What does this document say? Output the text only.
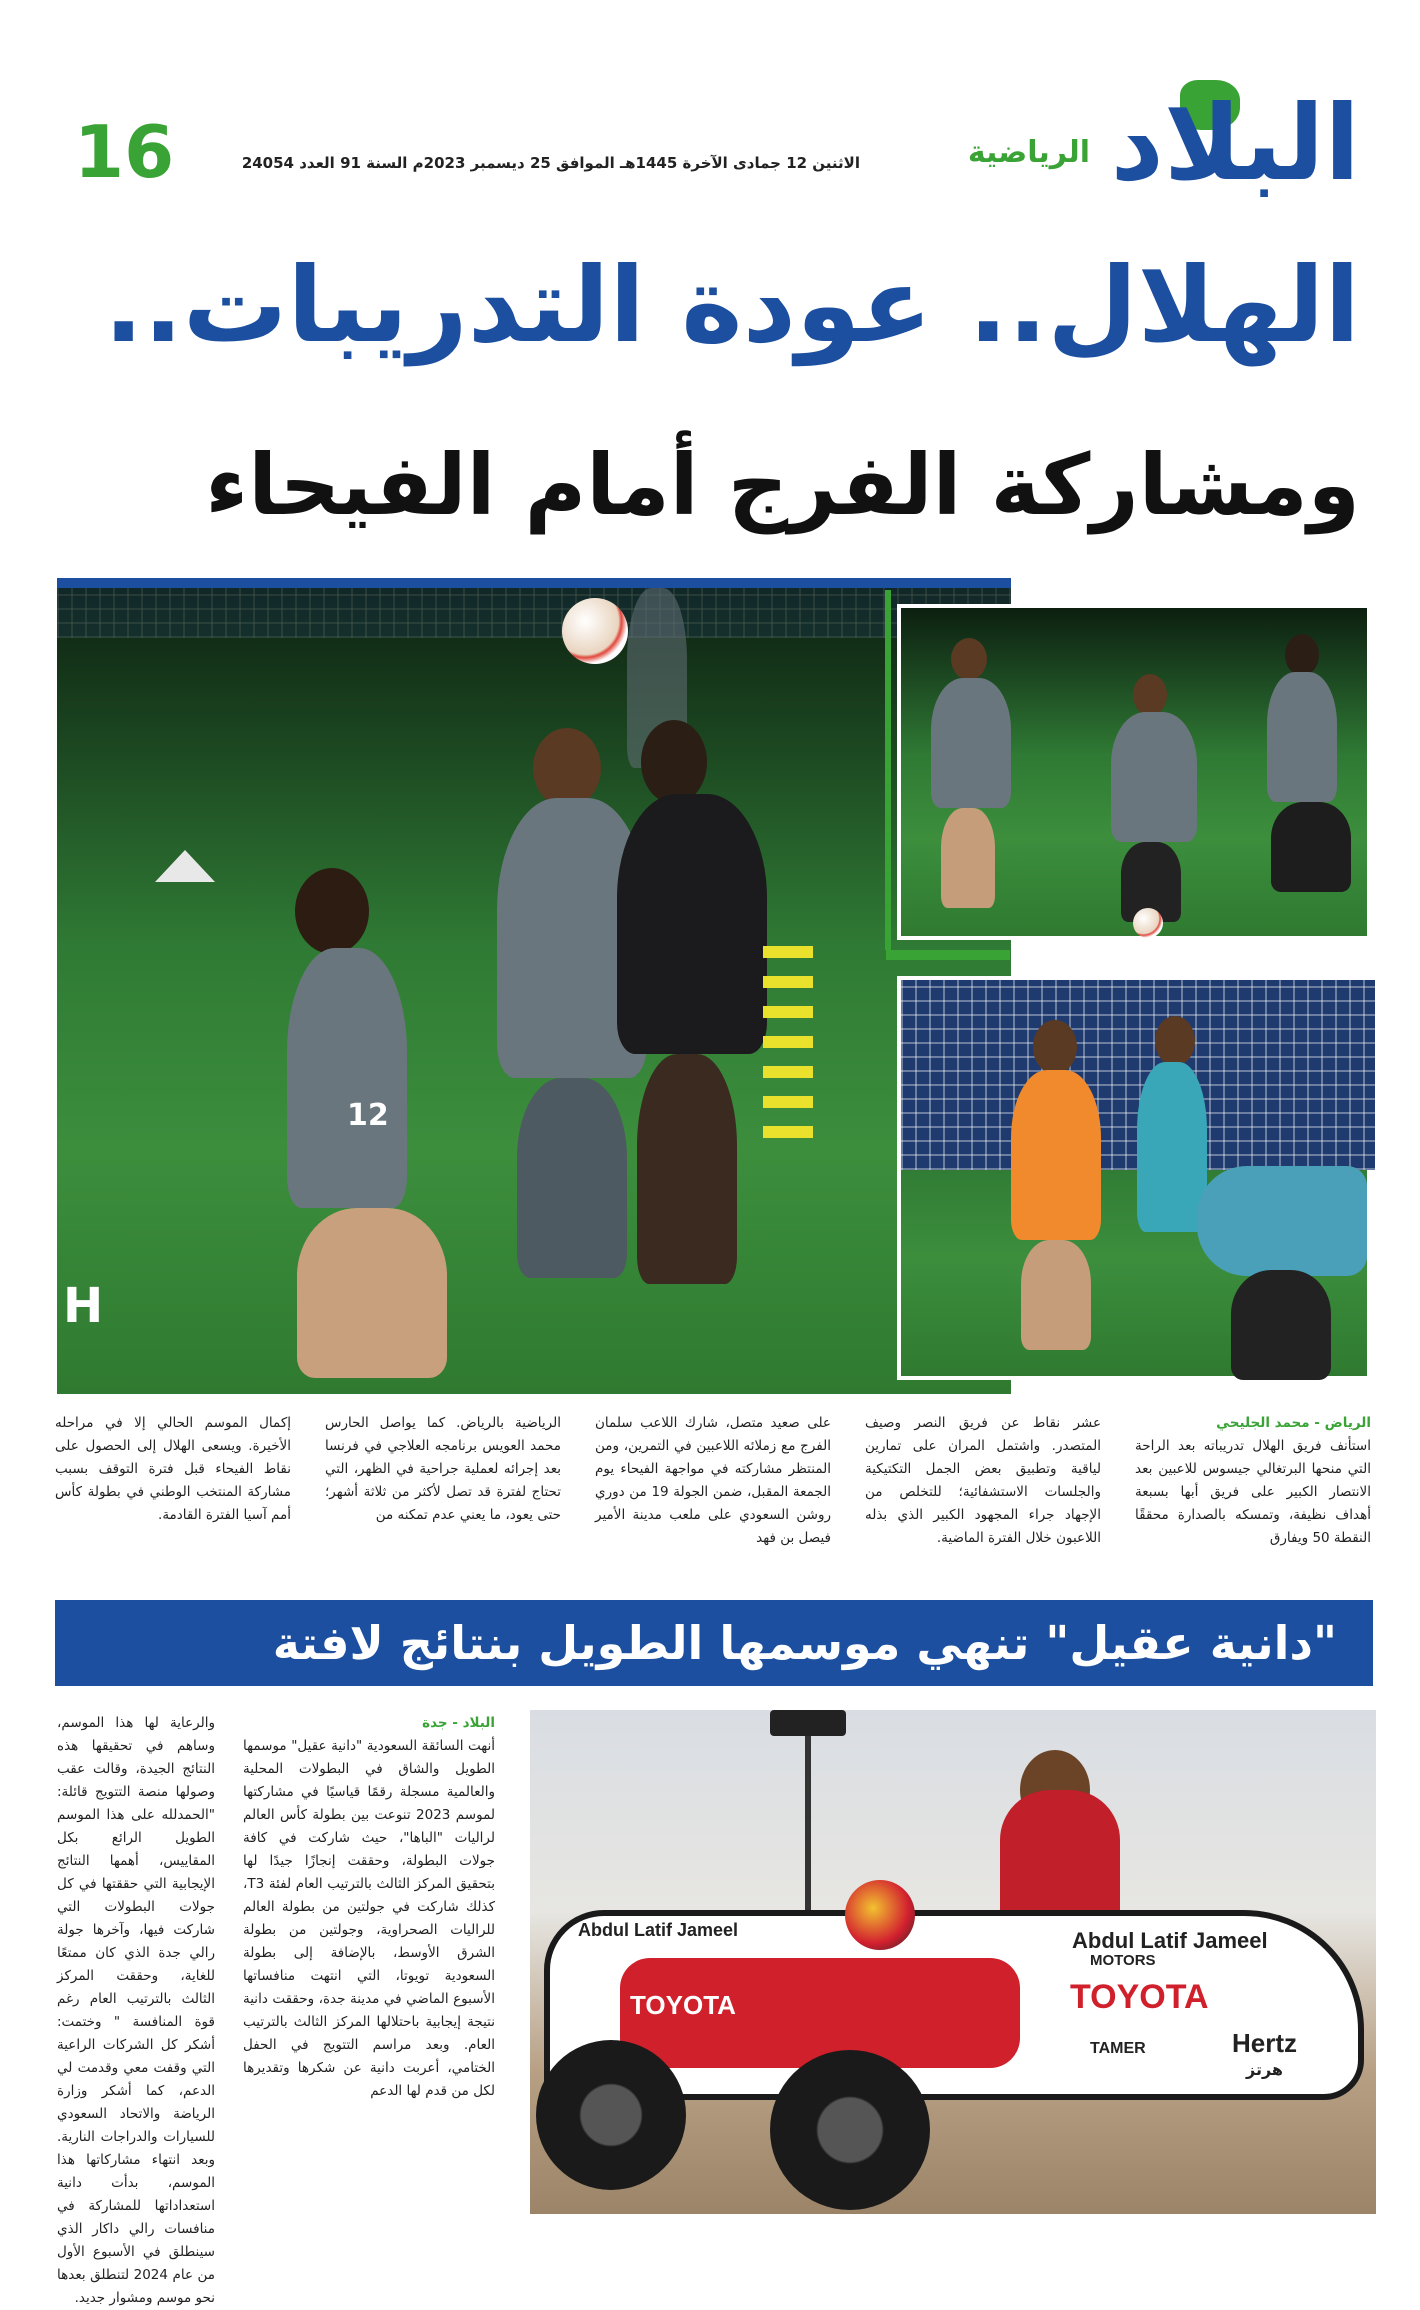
البلاد
الرياضية
الاثنين 12 جمادى الآخرة 1445هـ الموافق 25 ديسمبر 2023م السنة 91 العدد 24054
16
الهلال.. عودة التدريبات..
ومشاركة الفرج أمام الفيحاء
12
H
الرياض - محمد الجليحي
استأنف فريق الهلال تدريباته بعد الراحة التي منحها البرتغالي جيسوس للاعبين بعد الانتصار الكبير على فريق أبها بسبعة أهداف نظيفة، وتمسكه بالصدارة محققًا النقطة 50 ويفارق
عشر نقاط عن فريق النصر وصيف المتصدر. واشتمل المران على تمارين لياقية وتطبيق بعض الجمل التكتيكية والجلسات الاستشفائية؛ للتخلص من الإجهاد جراء المجهود الكبير الذي بذله اللاعبون خلال الفترة الماضية.
على صعيد متصل، شارك اللاعب سلمان الفرج مع زملائه اللاعبين في التمرين، ومن المنتظر مشاركته في مواجهة الفيحاء يوم الجمعة المقبل، ضمن الجولة 19 من دوري روشن السعودي على ملعب مدينة الأمير فيصل بن فهد
الرياضية بالرياض. كما يواصل الحارس محمد العويس برنامجه العلاجي في فرنسا بعد إجرائه لعملية جراحية في الظهر، التي تحتاج لفترة قد تصل لأكثر من ثلاثة أشهر؛ حتى يعود، ما يعني عدم تمكنه من
إكمال الموسم الحالي إلا في مراحله الأخيرة. ويسعى الهلال إلى الحصول على نقاط الفيحاء قبل فترة التوقف بسبب مشاركة المنتخب الوطني في بطولة كأس أمم آسيا الفترة القادمة.
"دانية عقيل" تنهي موسمها الطويل بنتائج لافتة
Abdul Latif Jameel
TOYOTA
Abdul Latif Jameel
MOTORS
TOYOTA
TAMER	Hertz
هرتز
البلاد - جدة
أنهت السائقة السعودية "دانية عقيل" موسمها الطويل والشاق في البطولات المحلية والعالمية مسجلة رقمًا قياسيًا في مشاركتها لموسم 2023 تنوعت بين بطولة كأس العالم لراليات "الباها"، حيث شاركت في كافة جولات البطولة، وحققت إنجازًا جيدًا لها بتحقيق المركز الثالث بالترتيب العام لفئة T3، كذلك شاركت في جولتين من بطولة العالم للراليات الصحراوية، وجولتين من بطولة الشرق الأوسط، بالإضافة إلى بطولة السعودية تويوتا، التي انتهت منافساتها الأسبوع الماضي في مدينة جدة، وحققت دانية نتيجة إيجابية باحتلالها المركز الثالث بالترتيب العام. وبعد مراسم التتويج في الحفل الختامي، أعربت دانية عن شكرها وتقديرها لكل من قدم لها الدعم
والرعاية لها هذا الموسم، وساهم في تحقيقها هذه النتائج الجيدة، وقالت عقب وصولها منصة التتويج قائلة: "الحمدلله على هذا الموسم الطويل الرائع بكل المقاييس، أهمها النتائج الإيجابية التي حققتها في كل جولات البطولات التي شاركت فيها، وآخرها جولة رالي جدة الذي كان ممتعًا للغاية، وحققت المركز الثالث بالترتيب العام رغم قوة المنافسة " وختمت: أشكر كل الشركات الراعية التي وقفت معي وقدمت لي الدعم، كما أشكر وزارة الرياضة والاتحاد السعودي للسيارات والدراجات النارية. وبعد انتهاء مشاركاتها هذا الموسم، بدأت دانية استعداداتها للمشاركة في منافسات رالي داكار الذي سينطلق في الأسبوع الأول من عام 2024 لتنطلق بعدها نحو موسم ومشوار جديد.
